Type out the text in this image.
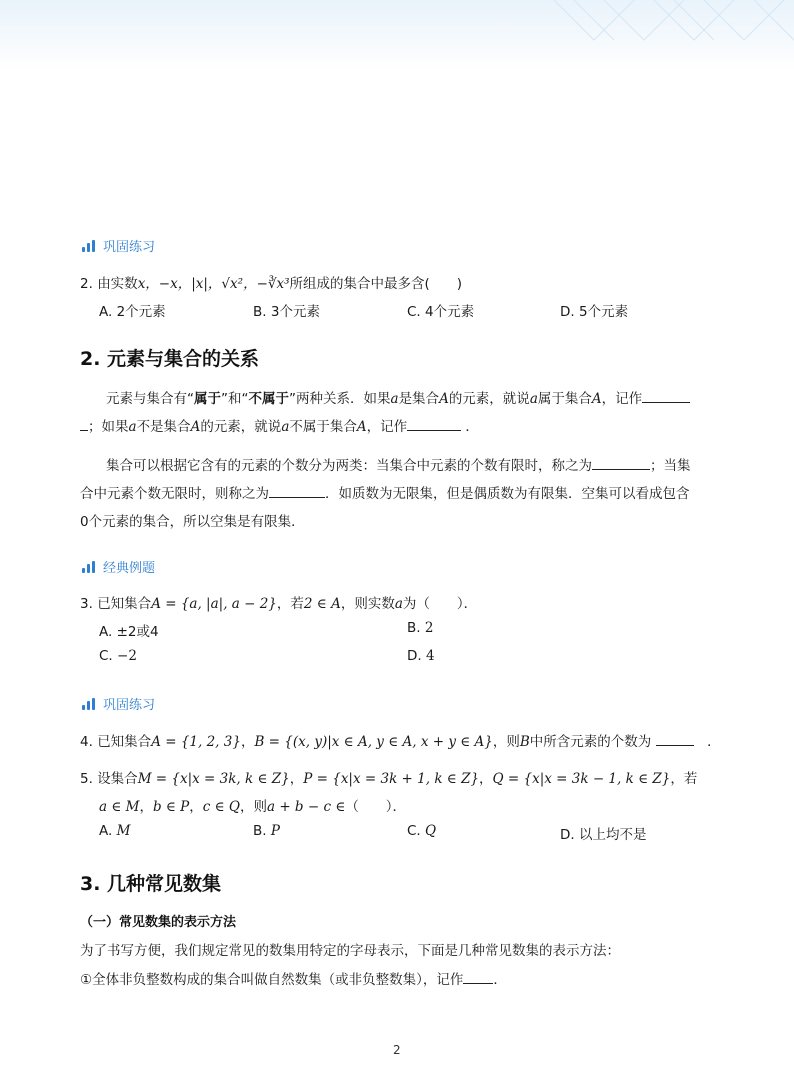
巩固练习
2. 由实数x，−x，|x|，√x²，−∛x³所组成的集合中最多含(　　)
A. 2个元素	B. 3个元素	C. 4个元素	D. 5个元素
2. 元素与集合的关系
元素与集合有“属于”和“不属于”两种关系．如果a是集合A的元素，就说a属于集合A，记作
；如果a不是集合A的元素，就说a不属于集合A，记作	．
集合可以根据它含有的元素的个数分为两类：当集合中元素的个数有限时，称之为	；当集
合中元素个数无限时，则称之为	．如质数为无限集，但是偶质数为有限集．空集可以看成包含
0个元素的集合，所以空集是有限集．
经典例题
3. 已知集合A = {a, |a|, a − 2}，若2 ∈ A，则实数a为（　　）．
A. ±2或4	B. 2
C. −2	D. 4
巩固练习
4. 已知集合A = {1, 2, 3}，B = {(x, y)|x ∈ A, y ∈ A, x + y ∈ A}，则B中所含元素的个数为 　	．
5. 设集合M = {x|x = 3k, k ∈ Z}，P = {x|x = 3k + 1, k ∈ Z}，Q = {x|x = 3k − 1, k ∈ Z}，若
a ∈ M，b ∈ P，c ∈ Q，则a + b − c ∈（　　）．
A. M	B. P	C. Q	D. 以上均不是
3. 几种常见数集
（一）常见数集的表示方法
为了书写方便，我们规定常见的数集用特定的字母表示，下面是几种常见数集的表示方法：
①全体非负整数构成的集合叫做自然数集（或非负整数集），记作 ．
2
